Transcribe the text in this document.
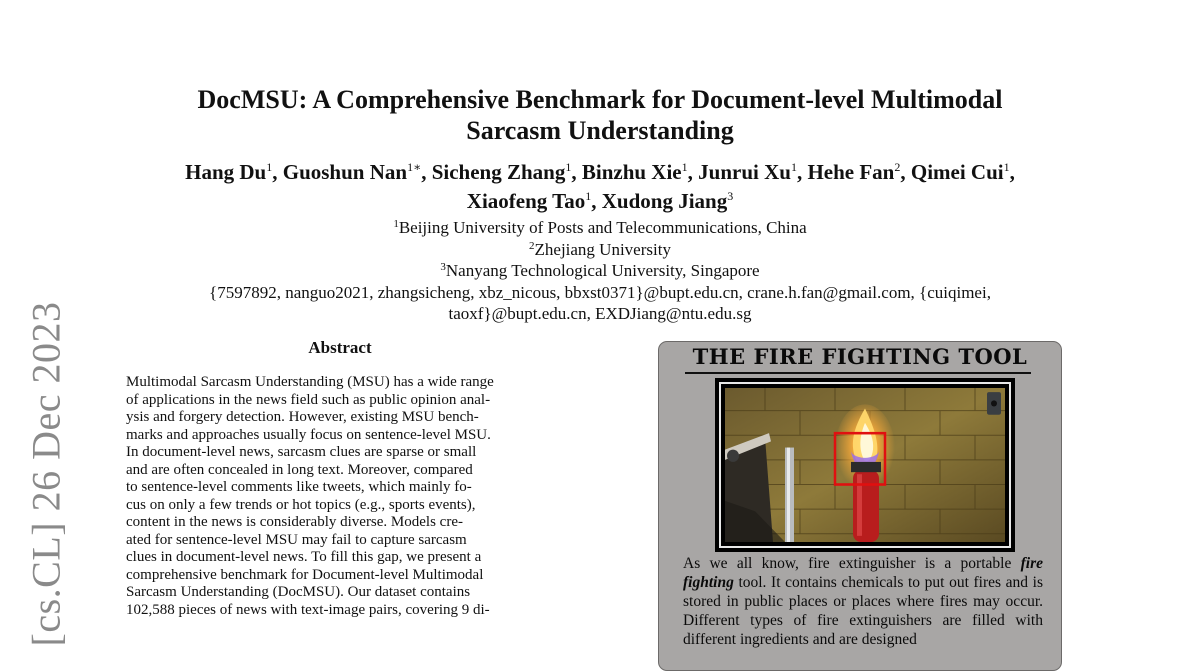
[cs.CL] 26 Dec 2023
DocMSU: A Comprehensive Benchmark for Document-level Multimodal
Sarcasm Understanding
Hang Du$^1$, Guoshun Nan$^{1∗}$, Sicheng Zhang$^1$, Binzhu Xie$^1$, Junrui Xu$^1$, Hehe Fan$^2$, Qimei Cui$^1$,
Xiaofeng Tao$^1$, Xudong Jiang$^3$
$^1$Beijing University of Posts and Telecommunications, China
$^2$Zhejiang University
$^3$Nanyang Technological University, Singapore
{7597892, nanguo2021, zhangsicheng, xbz_nicous, bbxst0371}@bupt.edu.cn, crane.h.fan@gmail.com, {cuiqimei,
taoxf}@bupt.edu.cn, EXDJiang@ntu.edu.sg
Abstract
Multimodal Sarcasm Understanding (MSU) has a wide range
of applications in the news field such as public opinion anal-
ysis and forgery detection. However, existing MSU bench-
marks and approaches usually focus on sentence-level MSU.
In document-level news, sarcasm clues are sparse or small
and are often concealed in long text. Moreover, compared
to sentence-level comments like tweets, which mainly fo-
cus on only a few trends or hot topics (e.g., sports events),
content in the news is considerably diverse. Models cre-
ated for sentence-level MSU may fail to capture sarcasm
clues in document-level news. To fill this gap, we present a
comprehensive benchmark for Document-level Multimodal
Sarcasm Understanding (DocMSU). Our dataset contains
102,588 pieces of news with text-image pairs, covering 9 di-
THE FIRE FIGHTING TOOL
As we all know, fire extinguisher is a portable fire fighting tool. It contains chemicals to put out fires and is stored in public places or places where fires may occur. Different types of fire extinguishers are filled with different ingredients and are designed
